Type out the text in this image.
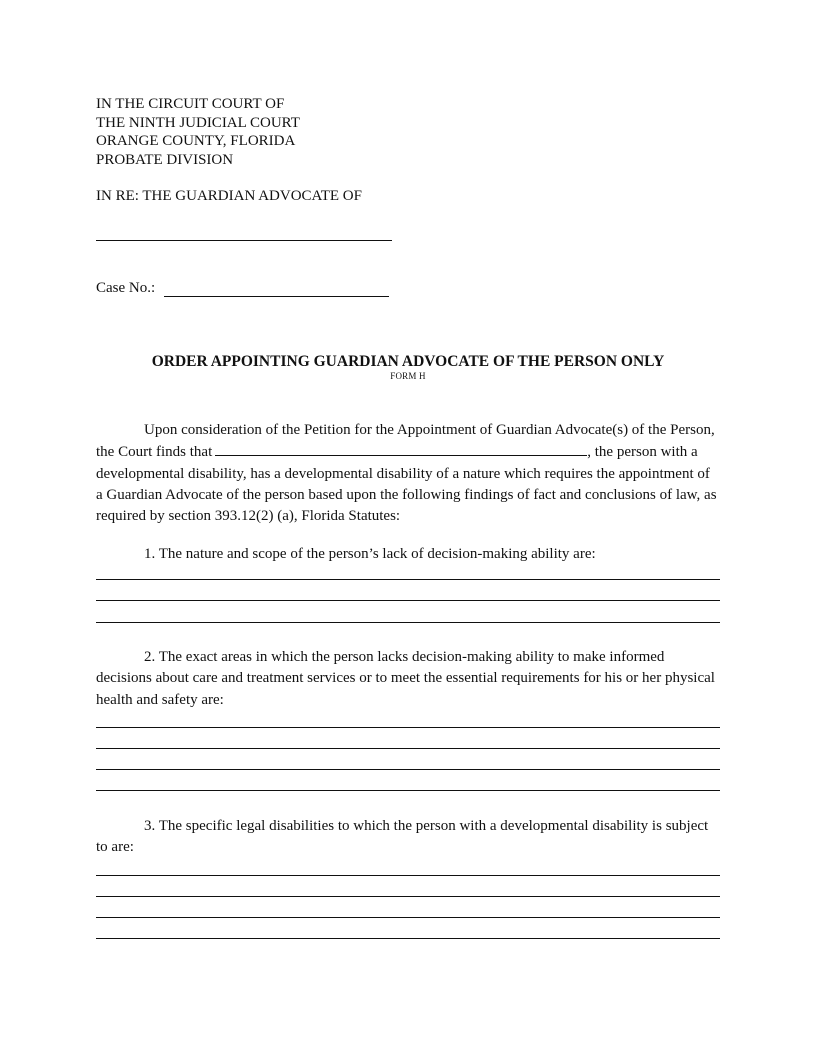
IN THE CIRCUIT COURT OF
THE NINTH JUDICIAL COURT
ORANGE COUNTY, FLORIDA
PROBATE DIVISION
IN RE: THE GUARDIAN ADVOCATE OF
Case No.:
ORDER APPOINTING GUARDIAN ADVOCATE OF THE PERSON ONLY
FORM H
Upon consideration of the Petition for the Appointment of Guardian Advocate(s) of the Person, the Court finds that	, the person with a developmental disability, has a developmental disability of a nature which requires the appointment of a Guardian Advocate of the person based upon the following findings of fact and conclusions of law, as required by section 393.12(2) (a), Florida Statutes:
1. The nature and scope of the person’s lack of decision-making ability are:
2. The exact areas in which the person lacks decision-making ability to make informed decisions about care and treatment services or to meet the essential requirements for his or her physical health and safety are:
3. The specific legal disabilities to which the person with a developmental disability is subject to are:
